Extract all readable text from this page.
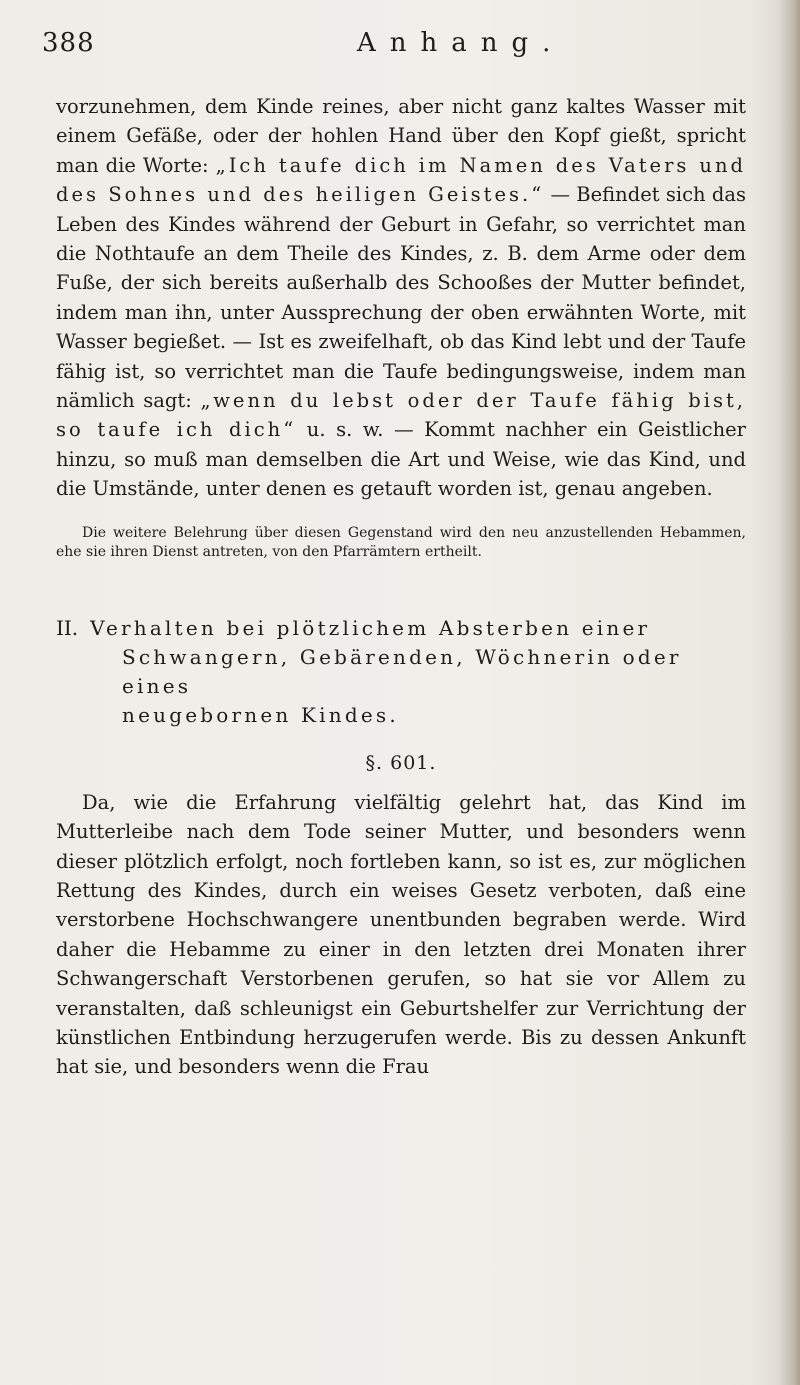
388	Anhang.

vorzunehmen, dem Kinde reines, aber nicht ganz kaltes Wasser mit einem Gefäße, oder der hohlen Hand über den Kopf gießt, spricht man die Worte: „Ich taufe dich im Namen des Vaters und des Sohnes und des heiligen Geistes.“ — Befindet sich das Leben des Kindes während der Geburt in Gefahr, so verrichtet man die Nothtaufe an dem Theile des Kindes, z. B. dem Arme oder dem Fuße, der sich bereits außerhalb des Schooßes der Mutter befindet, indem man ihn, unter Aussprechung der oben erwähnten Worte, mit Wasser begießet. — Ist es zweifelhaft, ob das Kind lebt und der Taufe fähig ist, so verrichtet man die Taufe bedingungsweise, indem man nämlich sagt: „wenn du lebst oder der Taufe fähig bist, so taufe ich dich“ u. s. w. — Kommt nachher ein Geistlicher hinzu, so muß man demselben die Art und Weise, wie das Kind, und die Umstände, unter denen es getauft worden ist, genau angeben.

Die weitere Belehrung über diesen Gegenstand wird den neu anzustellenden Hebammen, ehe sie ihren Dienst antreten, von den Pfarrämtern ertheilt.

II. Verhalten bei plötzlichem Absterben einer
Schwangern, Gebärenden, Wöchnerin oder eines
neugebornen Kindes.

§. 601.

Da, wie die Erfahrung vielfältig gelehrt hat, das Kind im Mutterleibe nach dem Tode seiner Mutter, und besonders wenn dieser plötzlich erfolgt, noch fortleben kann, so ist es, zur möglichen Rettung des Kindes, durch ein weises Gesetz verboten, daß eine verstorbene Hochschwangere unentbunden begraben werde. Wird daher die Hebamme zu einer in den letzten drei Monaten ihrer Schwangerschaft Verstorbenen gerufen, so hat sie vor Allem zu veranstalten, daß schleunigst ein Geburtshelfer zur Verrichtung der künstlichen Entbindung herzugerufen werde. Bis zu dessen Ankunft hat sie, und besonders wenn die Frau
